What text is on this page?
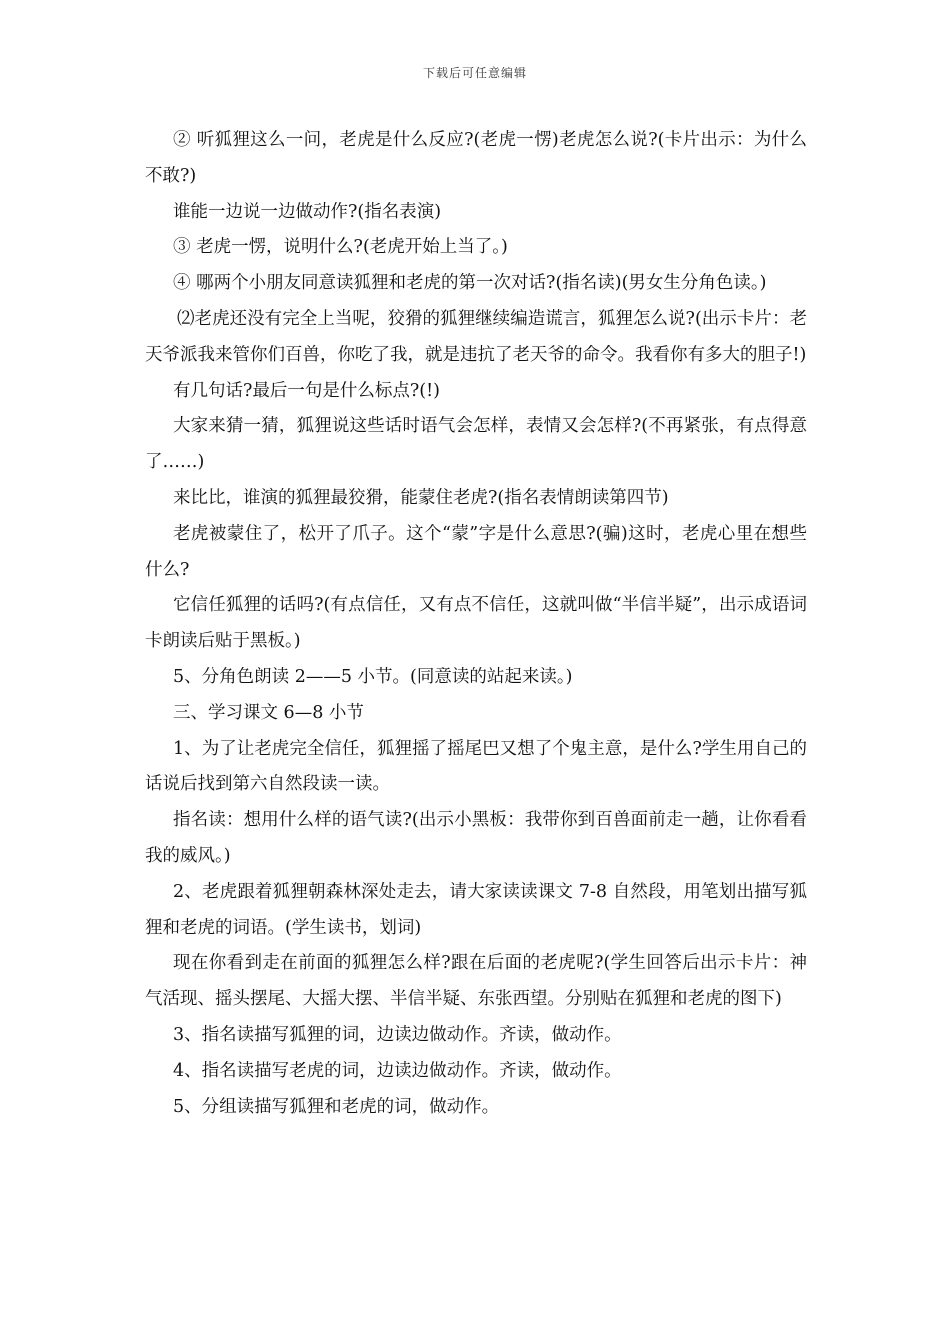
下载后可任意编辑

② 听狐狸这么一问，老虎是什么反应?(老虎一愣)老虎怎么说?(卡片出示：为什么不敢?)

谁能一边说一边做动作?(指名表演)

③ 老虎一愣，说明什么?(老虎开始上当了。)

④ 哪两个小朋友同意读狐狸和老虎的第一次对话?(指名读)(男女生分角色读。)

⑵老虎还没有完全上当呢，狡猾的狐狸继续编造谎言，狐狸怎么说?(出示卡片：老天爷派我来管你们百兽，你吃了我，就是违抗了老天爷的命令。我看你有多大的胆子!)

有几句话?最后一句是什么标点?(!)

大家来猜一猜，狐狸说这些话时语气会怎样，表情又会怎样?(不再紧张，有点得意了……)

来比比，谁演的狐狸最狡猾，能蒙住老虎?(指名表情朗读第四节)

老虎被蒙住了，松开了爪子。这个“蒙”字是什么意思?(骗)这时，老虎心里在想些什么?

它信任狐狸的话吗?(有点信任，又有点不信任，这就叫做“半信半疑”，出示成语词卡朗读后贴于黑板。)

5、分角色朗读 2——5 小节。(同意读的站起来读。)

三、学习课文 6—8 小节

1、为了让老虎完全信任，狐狸摇了摇尾巴又想了个鬼主意，是什么?学生用自己的话说后找到第六自然段读一读。

指名读：想用什么样的语气读?(出示小黑板：我带你到百兽面前走一趟，让你看看我的威风。)

2、老虎跟着狐狸朝森林深处走去，请大家读读课文 7-8 自然段，用笔划出描写狐狸和老虎的词语。(学生读书，划词)

现在你看到走在前面的狐狸怎么样?跟在后面的老虎呢?(学生回答后出示卡片：神气活现、摇头摆尾、大摇大摆、半信半疑、东张西望。分别贴在狐狸和老虎的图下)

3、指名读描写狐狸的词，边读边做动作。齐读，做动作。

4、指名读描写老虎的词，边读边做动作。齐读，做动作。

5、分组读描写狐狸和老虎的词，做动作。
